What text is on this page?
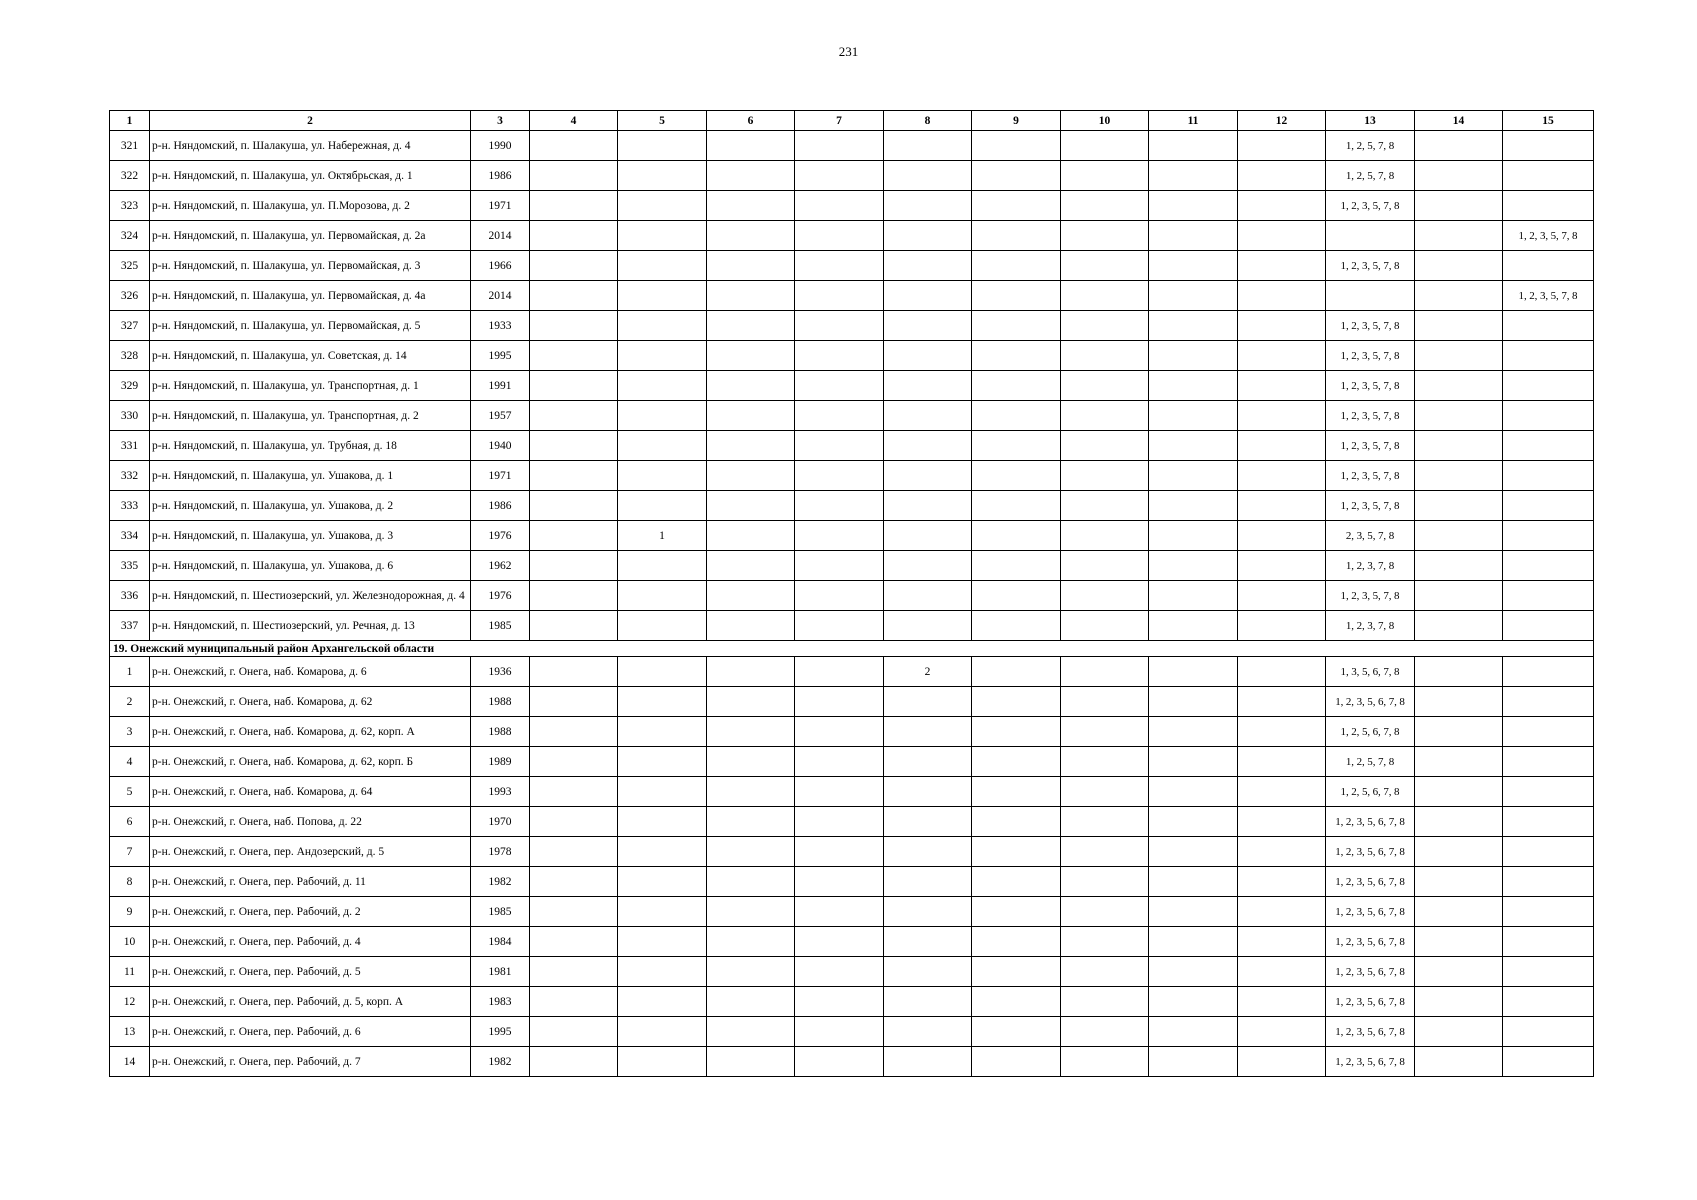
231
1	2	3	4	5	6	7	8	9	10	11	12	13	14	15
321	р-н. Няндомский, п. Шалакуша, ул. Набережная, д. 4	1990										1, 2, 5, 7, 8		
322	р-н. Няндомский, п. Шалакуша, ул. Октябрьская, д. 1	1986										1, 2, 5, 7, 8		
323	р-н. Няндомский, п. Шалакуша, ул. П.Морозова, д. 2	1971										1, 2, 3, 5, 7, 8		
324	р-н. Няндомский, п. Шалакуша, ул. Первомайская, д. 2а	2014												1, 2, 3, 5, 7, 8
325	р-н. Няндомский, п. Шалакуша, ул. Первомайская, д. 3	1966										1, 2, 3, 5, 7, 8		
326	р-н. Няндомский, п. Шалакуша, ул. Первомайская, д. 4а	2014												1, 2, 3, 5, 7, 8
327	р-н. Няндомский, п. Шалакуша, ул. Первомайская, д. 5	1933										1, 2, 3, 5, 7, 8		
328	р-н. Няндомский, п. Шалакуша, ул. Советская, д. 14	1995										1, 2, 3, 5, 7, 8		
329	р-н. Няндомский, п. Шалакуша, ул. Транспортная, д. 1	1991										1, 2, 3, 5, 7, 8		
330	р-н. Няндомский, п. Шалакуша, ул. Транспортная, д. 2	1957										1, 2, 3, 5, 7, 8		
331	р-н. Няндомский, п. Шалакуша, ул. Трубная, д. 18	1940										1, 2, 3, 5, 7, 8		
332	р-н. Няндомский, п. Шалакуша, ул. Ушакова, д. 1	1971										1, 2, 3, 5, 7, 8		
333	р-н. Няндомский, п. Шалакуша, ул. Ушакова, д. 2	1986										1, 2, 3, 5, 7, 8		
334	р-н. Няндомский, п. Шалакуша, ул. Ушакова, д. 3	1976		1								2, 3, 5, 7, 8		
335	р-н. Няндомский, п. Шалакуша, ул. Ушакова, д. 6	1962										1, 2, 3, 7, 8		
336	р-н. Няндомский, п. Шестиозерский, ул. Железнодорожная, д. 4	1976										1, 2, 3, 5, 7, 8		
337	р-н. Няндомский, п. Шестиозерский, ул. Речная, д. 13	1985										1, 2, 3, 7, 8		
19. Онежский муниципальный район Архангельской области														
1	р-н. Онежский, г. Онега, наб. Комарова, д. 6	1936					2					1, 3, 5, 6, 7, 8		
2	р-н. Онежский, г. Онега, наб. Комарова, д. 62	1988										1, 2, 3, 5, 6, 7, 8		
3	р-н. Онежский, г. Онега, наб. Комарова, д. 62, корп. А	1988										1, 2, 5, 6, 7, 8		
4	р-н. Онежский, г. Онега, наб. Комарова, д. 62, корп. Б	1989										1, 2, 5, 7, 8		
5	р-н. Онежский, г. Онега, наб. Комарова, д. 64	1993										1, 2, 5, 6, 7, 8		
6	р-н. Онежский, г. Онега, наб. Попова, д. 22	1970										1, 2, 3, 5, 6, 7, 8		
7	р-н. Онежский, г. Онега, пер. Андозерский, д. 5	1978										1, 2, 3, 5, 6, 7, 8		
8	р-н. Онежский, г. Онега, пер. Рабочий, д. 11	1982										1, 2, 3, 5, 6, 7, 8		
9	р-н. Онежский, г. Онега, пер. Рабочий, д. 2	1985										1, 2, 3, 5, 6, 7, 8		
10	р-н. Онежский, г. Онега, пер. Рабочий, д. 4	1984										1, 2, 3, 5, 6, 7, 8		
11	р-н. Онежский, г. Онега, пер. Рабочий, д. 5	1981										1, 2, 3, 5, 6, 7, 8		
12	р-н. Онежский, г. Онега, пер. Рабочий, д. 5, корп. А	1983										1, 2, 3, 5, 6, 7, 8		
13	р-н. Онежский, г. Онега, пер. Рабочий, д. 6	1995										1, 2, 3, 5, 6, 7, 8		
14	р-н. Онежский, г. Онега, пер. Рабочий, д. 7	1982										1, 2, 3, 5, 6, 7, 8		
